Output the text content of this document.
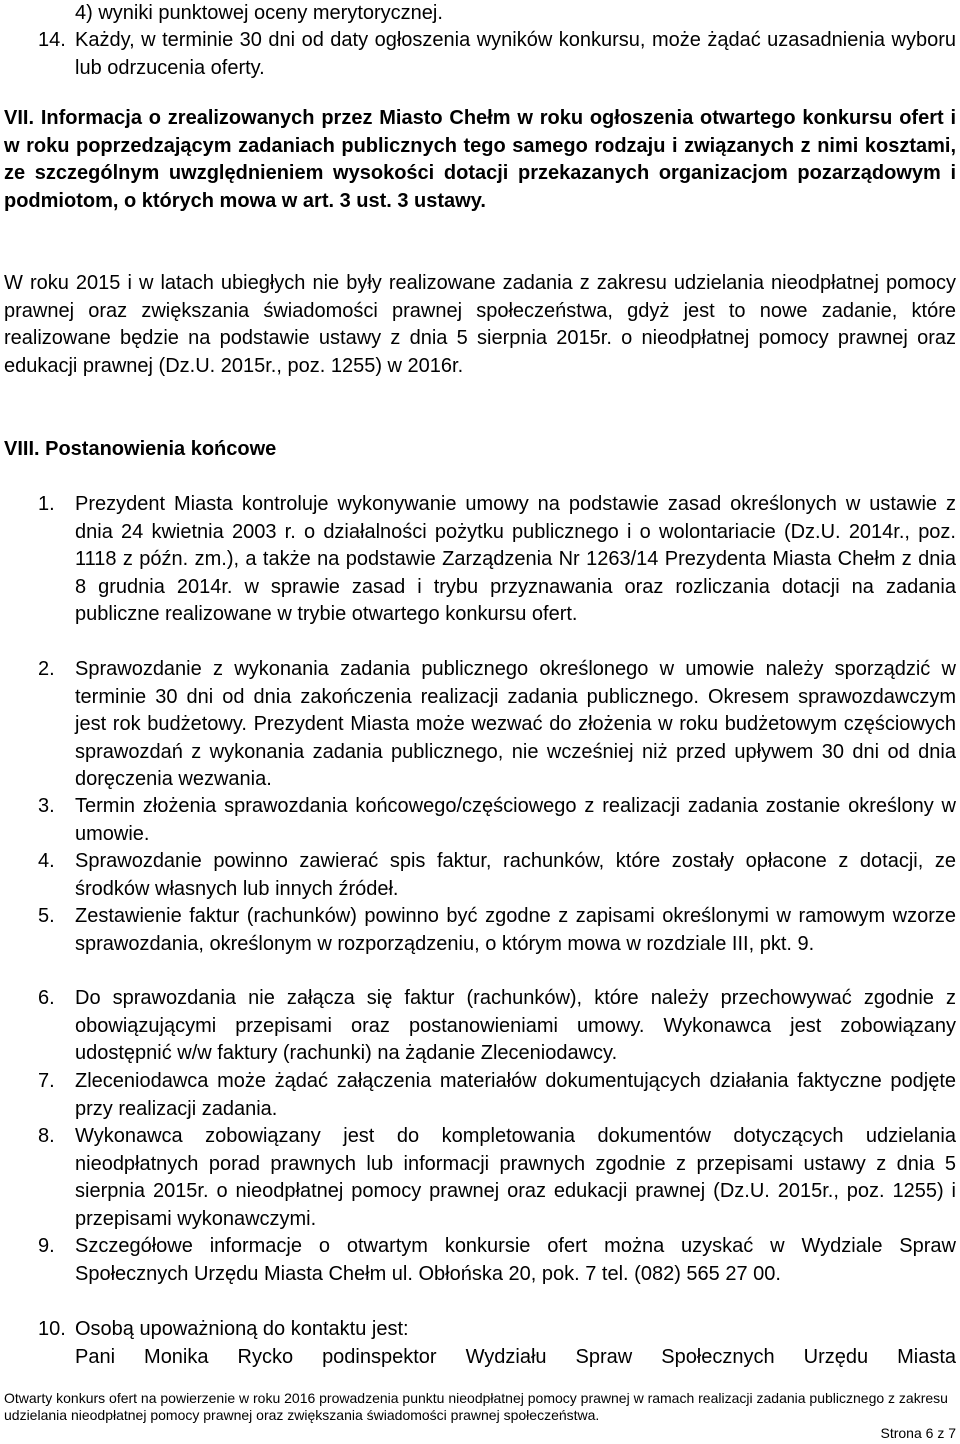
4) wyniki punktowej oceny merytorycznej.
14. Każdy, w terminie 30 dni od daty ogłoszenia wyników konkursu, może żądać uzasadnienia wyboru lub odrzucenia oferty.
VII. Informacja o zrealizowanych przez Miasto Chełm w roku ogłoszenia otwartego konkursu ofert i w roku poprzedzającym zadaniach publicznych tego samego rodzaju i związanych z nimi kosztami, ze szczególnym uwzględnieniem wysokości dotacji przekazanych organizacjom pozarządowym i podmiotom, o których mowa w art. 3 ust. 3 ustawy.
W roku 2015 i w latach ubiegłych nie były realizowane zadania z zakresu udzielania nieodpłatnej pomocy prawnej oraz zwiększania świadomości prawnej społeczeństwa, gdyż jest to nowe zadanie, które realizowane będzie na podstawie ustawy z dnia 5 sierpnia 2015r. o nieodpłatnej pomocy prawnej oraz edukacji prawnej (Dz.U. 2015r., poz. 1255) w 2016r.
VIII. Postanowienia końcowe
1. Prezydent Miasta kontroluje wykonywanie umowy na podstawie zasad określonych w ustawie z dnia 24 kwietnia 2003 r. o działalności pożytku publicznego i o wolontariacie (Dz.U. 2014r., poz. 1118 z późn. zm.), a także na podstawie Zarządzenia Nr 1263/14 Prezydenta Miasta Chełm z dnia 8 grudnia 2014r. w sprawie zasad i trybu przyznawania oraz rozliczania dotacji na zadania publiczne realizowane w trybie otwartego konkursu ofert.
2. Sprawozdanie z wykonania zadania publicznego określonego w umowie należy sporządzić w terminie 30 dni od dnia zakończenia realizacji zadania publicznego. Okresem sprawozdawczym jest rok budżetowy. Prezydent Miasta może wezwać do złożenia w roku budżetowym częściowych sprawozdań z wykonania zadania publicznego, nie wcześniej niż przed upływem 30 dni od dnia doręczenia wezwania.
3. Termin złożenia sprawozdania końcowego/częściowego z realizacji zadania zostanie określony w umowie.
4. Sprawozdanie powinno zawierać spis faktur, rachunków, które zostały opłacone z dotacji, ze środków własnych lub innych źródeł.
5. Zestawienie faktur (rachunków) powinno być zgodne z zapisami określonymi w ramowym wzorze sprawozdania, określonym w rozporządzeniu, o którym mowa w rozdziale III, pkt. 9.
6. Do sprawozdania nie załącza się faktur (rachunków), które należy przechowywać zgodnie z obowiązującymi przepisami oraz postanowieniami umowy. Wykonawca jest zobowiązany udostępnić w/w faktury (rachunki) na żądanie Zleceniodawcy.
7. Zleceniodawca może żądać załączenia materiałów dokumentujących działania faktyczne podjęte przy realizacji zadania.
8. Wykonawca zobowiązany jest do kompletowania dokumentów dotyczących udzielania nieodpłatnych porad prawnych lub informacji prawnych zgodnie z przepisami ustawy z dnia 5 sierpnia 2015r. o nieodpłatnej pomocy prawnej oraz edukacji prawnej (Dz.U. 2015r., poz. 1255) i przepisami wykonawczymi.
9. Szczegółowe informacje o otwartym konkursie ofert można uzyskać w Wydziale Spraw Społecznych Urzędu Miasta Chełm ul. Obłońska 20, pok. 7 tel. (082) 565 27 00.
10. Osobą upoważnioną do kontaktu jest:
Pani Monika Rycko podinspektor Wydziału Spraw Społecznych Urzędu Miasta
Otwarty konkurs ofert na powierzenie w roku 2016 prowadzenia punktu nieodpłatnej pomocy prawnej w ramach realizacji zadania publicznego z zakresu udzielania nieodpłatnej pomocy prawnej oraz zwiększania świadomości prawnej społeczeństwa.
Strona 6 z 7
